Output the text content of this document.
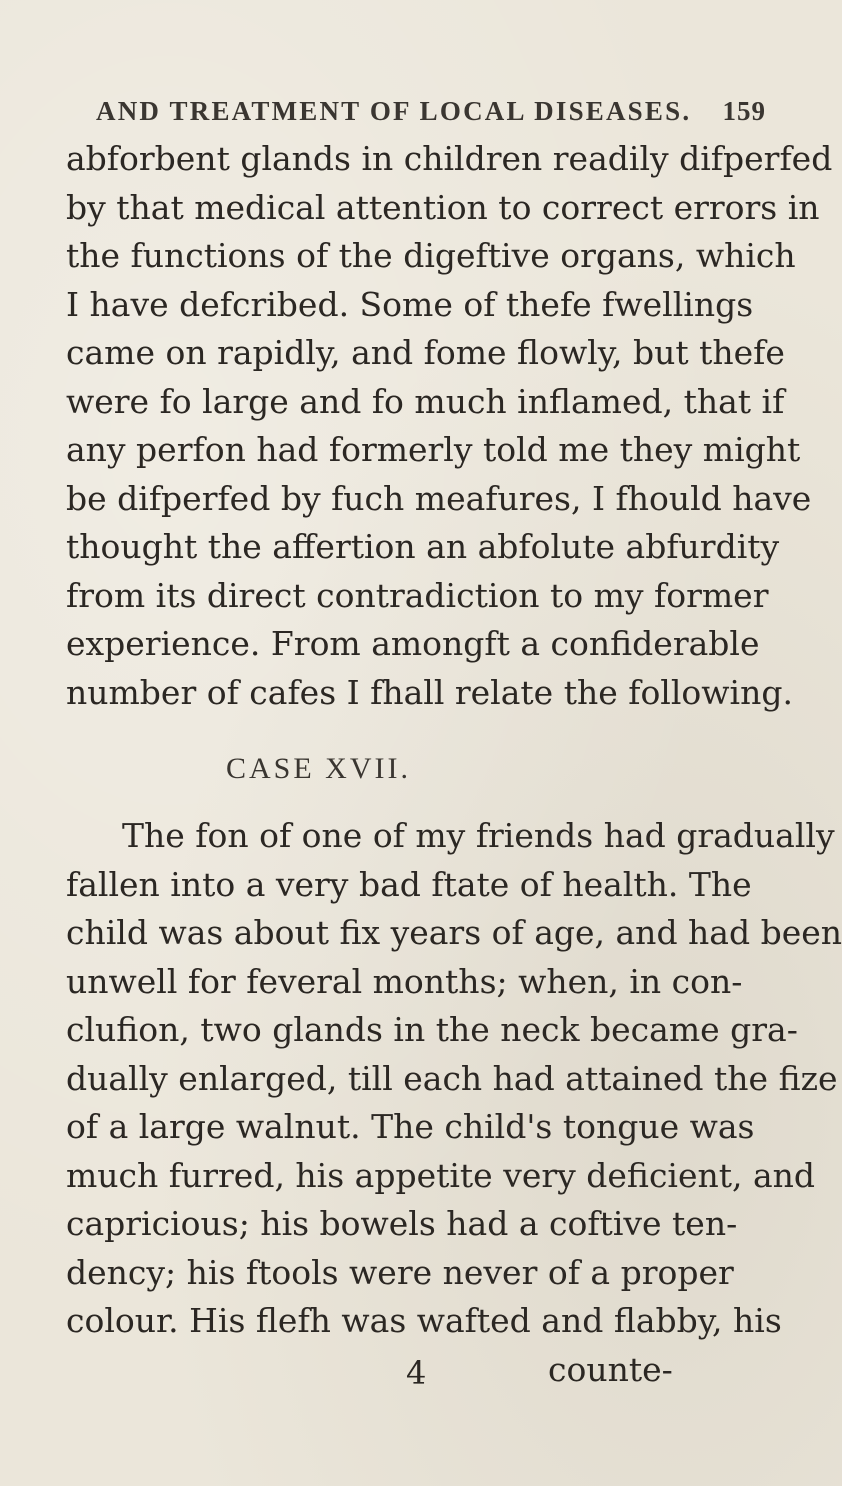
AND TREATMENT OF LOCAL DISEASES. 159
abforbent glands in children readily difperfed
by that medical attention to correct errors in
the functions of the digeftive organs, which
I have defcribed. Some of thefe fwellings
came on rapidly, and fome flowly, but thefe
were fo large and fo much inflamed, that if
any perfon had formerly told me they might
be difperfed by fuch meafures, I fhould have
thought the affertion an abfolute abfurdity
from its direct contradiction to my former
experience. From amongft a confiderable
number of cafes I fhall relate the following.
CASE XVII.
The fon of one of my friends had gradually
fallen into a very bad ftate of health. The
child was about fix years of age, and had been
unwell for feveral months; when, in con-
clufion, two glands in the neck became gra-
dually enlarged, till each had attained the fize
of a large walnut. The child's tongue was
much furred, his appetite very deficient, and
capricious; his bowels had a coftive ten-
dency; his ftools were never of a proper
colour. His flefh was wafted and flabby, his
4	counte-
